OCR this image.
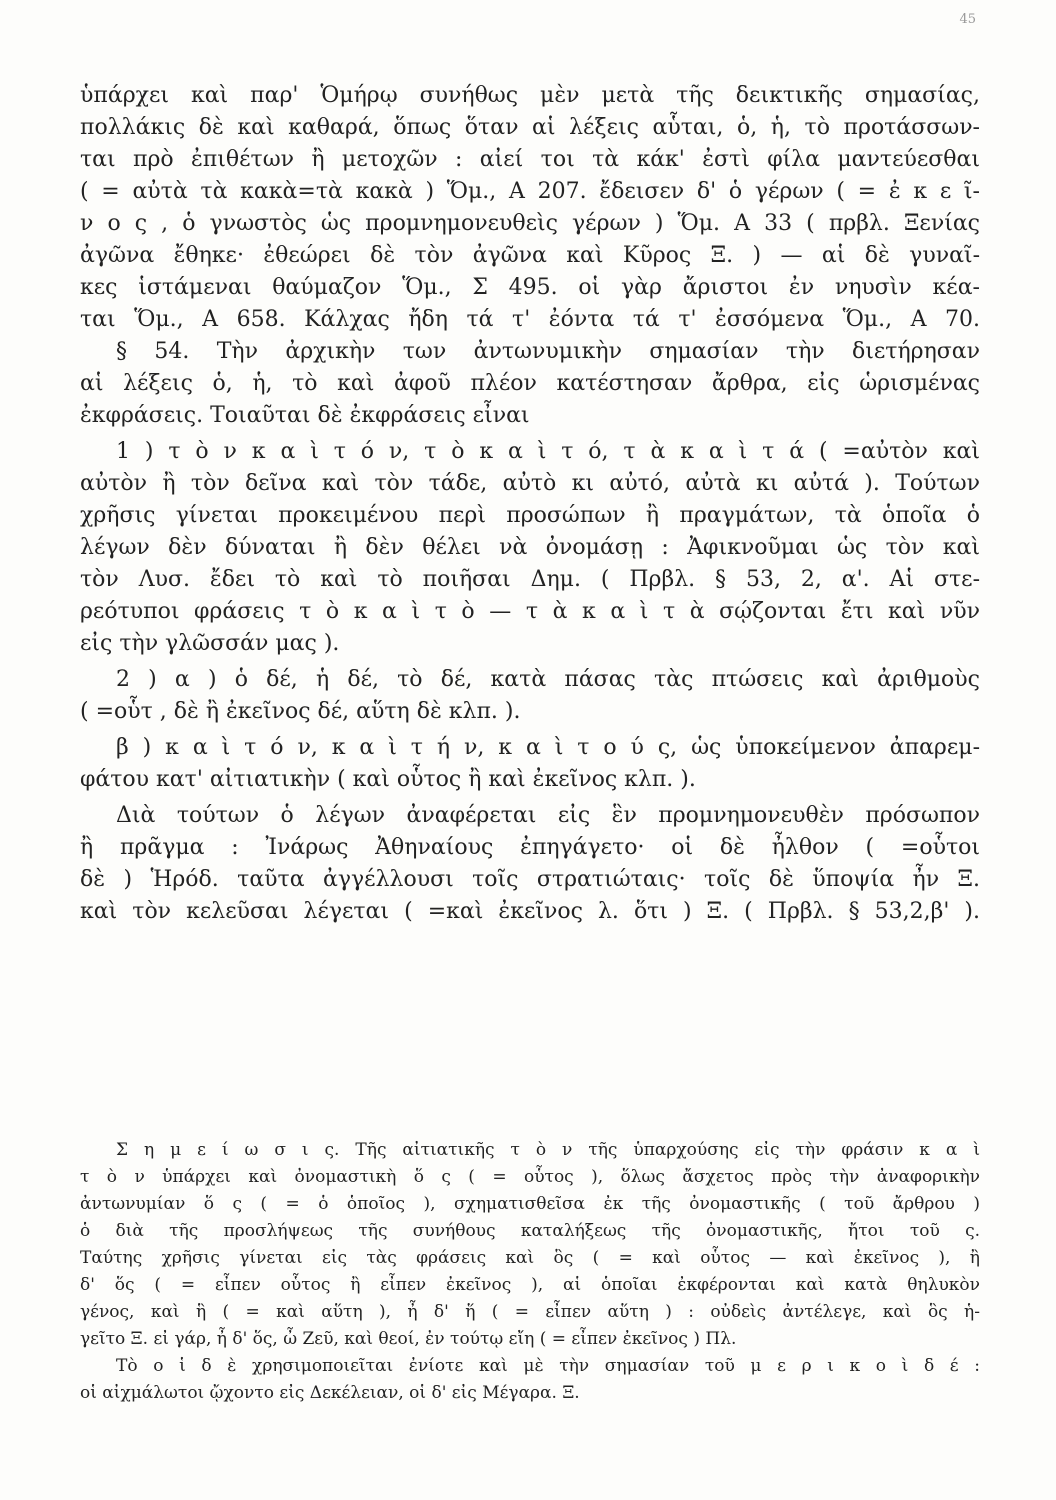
45

ὑπάρχει καὶ παρ' Ὁμήρῳ συνήθως μὲν μετὰ τῆς δεικτικῆς σημασίας,

πολλάκις δὲ καὶ καθαρά, ὅπως ὅταν αἱ λέξεις αὗται, ὁ, ἡ, τὸ προτάσσων-

ται πρὸ ἐπιθέτων ἢ μετοχῶν : αἰεί τοι τὰ κάκ' ἐστὶ φίλα μαντεύεσθαι

( = αὐτὰ τὰ κακὰ=τὰ κακὰ ) Ὅμ., Α 207. ἔδεισεν δ' ὁ γέρων ( = ἐ κ ε ῖ-

ν ο ς , ὁ γνωστὸς ὡς προμνημονευθεὶς γέρων ) Ὅμ. Α 33 ( πρβλ. Ξενίας

ἀγῶνα ἔθηκε· ἐθεώρει δὲ τὸν ἀγῶνα καὶ Κῦρος Ξ. ) — αἱ δὲ γυναῖ-

κες ἱστάμεναι θαύμαζον Ὅμ., Σ 495. οἱ γὰρ ἄριστοι ἐν νηυσὶν κέα-

ται Ὅμ., Α 658. Κάλχας ἤδη τά τ' ἐόντα τά τ' ἐσσόμενα Ὅμ., Α 70.

§ 54. Τὴν ἀρχικὴν των ἀντωνυμικὴν σημασίαν τὴν διετήρησαν

αἱ λέξεις ὁ, ἡ, τὸ καὶ ἀφοῦ πλέον κατέστησαν ἄρθρα, εἰς ὡρισμένας

ἐκφράσεις. Τοιαῦται δὲ ἐκφράσεις εἶναι

1 ) τ ὸ ν κ α ὶ τ ό ν, τ ὸ κ α ὶ τ ό, τ ὰ κ α ὶ τ ά ( =αὐτὸν καὶ

αὐτὸν ἢ τὸν δεῖνα καὶ τὸν τάδε, αὐτὸ κι αὐτό, αὐτὰ κι αὐτά ). Τούτων

χρῆσις γίνεται προκειμένου περὶ προσώπων ἢ πραγμάτων, τὰ ὁποῖα ὁ

λέγων δὲν δύναται ἢ δὲν θέλει νὰ ὀνομάσῃ : Ἀφικνοῦμαι ὡς τὸν καὶ

τὸν Λυσ. ἔδει τὸ καὶ τὸ ποιῆσαι Δημ. ( Πρβλ. § 53, 2, α'. Αἱ στε-

ρεότυποι φράσεις τ ὸ κ α ὶ τ ὸ — τ ὰ κ α ὶ τ ὰ σῴζονται ἔτι καὶ νῦν

εἰς τὴν γλῶσσάν μας ).

2 ) α ) ὁ δέ, ἡ δέ, τὸ δέ, κατὰ πάσας τὰς πτώσεις καὶ ἀριθμοὺς

( =οὗτ , δὲ ἢ ἐκεῖνος δέ, αὕτη δὲ κλπ. ).

β ) κ α ὶ τ ό ν, κ α ὶ τ ή ν, κ α ὶ τ ο ύ ς, ὡς ὑποκείμενον ἀπαρεμ-

φάτου κατ' αἰτιατικὴν ( καὶ οὗτος ἢ καὶ ἐκεῖνος κλπ. ).

Διὰ τούτων ὁ λέγων ἀναφέρεται εἰς ἓν προμνημονευθὲν πρόσωπον

ἢ πρᾶγμα : Ἰνάρως Ἀθηναίους ἐπηγάγετο· οἱ δὲ ἦλθον ( =οὗτοι

δὲ ) Ἡρόδ. ταῦτα ἀγγέλλουσι τοῖς στρατιώταις· τοῖς δὲ ὕποψία ἦν Ξ.

καὶ τὸν κελεῦσαι λέγεται ( =καὶ ἐκεῖνος λ. ὅτι ) Ξ. ( Πρβλ. § 53,2,β' ).

Σ η μ ε ί ω σ ι ς. Τῆς αἰτιατικῆς τ ὸ ν τῆς ὑπαρχούσης εἰς τὴν φράσιν κ α ὶ

τ ὸ ν ὑπάρχει καὶ ὀνομαστικὴ ὅ ς ( = οὗτος ), ὅλως ἄσχετος πρὸς τὴν ἀναφορικὴν

ἀντωνυμίαν ὅ ς ( = ὁ ὁποῖος ), σχηματισθεῖσα ἐκ τῆς ὀνομαστικῆς ( τοῦ ἄρθρου )

ὁ διὰ τῆς προσλήψεως τῆς συνήθους καταλήξεως τῆς ὀνομαστικῆς, ἤτοι τοῦ ς.

Ταύτης χρῆσις γίνεται εἰς τὰς φράσεις καὶ ὃς ( = καὶ οὗτος — καὶ ἐκεῖνος ), ἢ

δ' ὅς ( = εἶπεν οὗτος ἢ εἶπεν ἐκεῖνος ), αἱ ὁποῖαι ἐκφέρονται καὶ κατὰ θηλυκὸν

γένος, καὶ ἣ ( = καὶ αὕτη ), ἦ δ' ἥ ( = εἶπεν αὕτη ) : οὐδεὶς ἀντέλεγε, καὶ ὃς ἡ-

γεῖτο Ξ. εἰ γάρ, ἦ δ' ὅς, ὦ Ζεῦ, καὶ θεοί, ἐν τούτῳ εἴη ( = εἶπεν ἐκεῖνος ) Πλ.

Τὸ ο ἱ δ ὲ χρησιμοποιεῖται ἐνίοτε καὶ μὲ τὴν σημασίαν τοῦ μ ε ρ ι κ ο ὶ δ έ :

οἱ αἰχμάλωτοι ᾤχοντο εἰς Δεκέλειαν, οἱ δ' εἰς Μέγαρα. Ξ.
